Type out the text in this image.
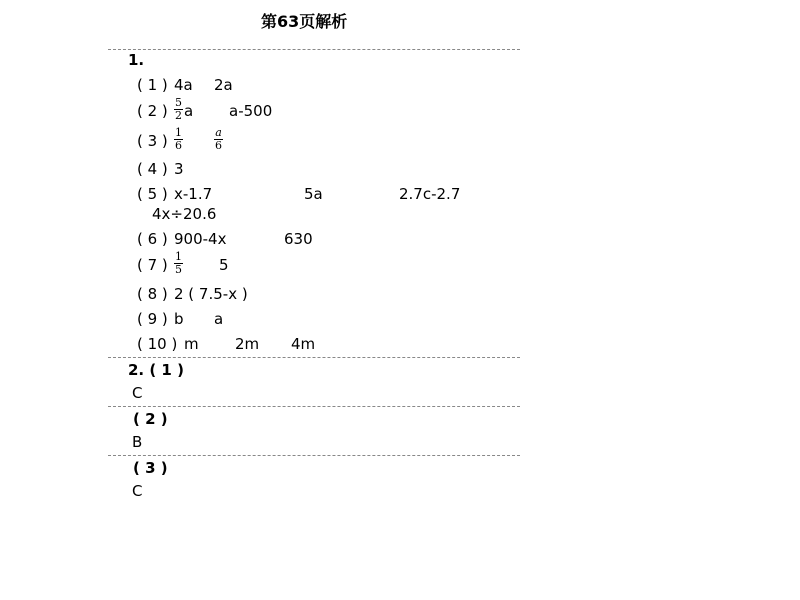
第63页解析
1.
( 1 ) 4a 2a
( 2 ) $\frac{5}{2}$ a a-500
( 3 ) $\frac{1}{6}$	$\frac{a}{6}$
( 4 ) 3
( 5 ) x-1.7	5a	2.7c-2.7
4x÷20.6
( 6 ) 900-4x	630
( 7 ) $\frac{1}{5} 5$
( 8 ) 2 ( 7.5-x )
( 9 ) b a
( 10 ) m 2m 4m
2. ( 1 )
C
( 2 )
B
( 3 )
C
